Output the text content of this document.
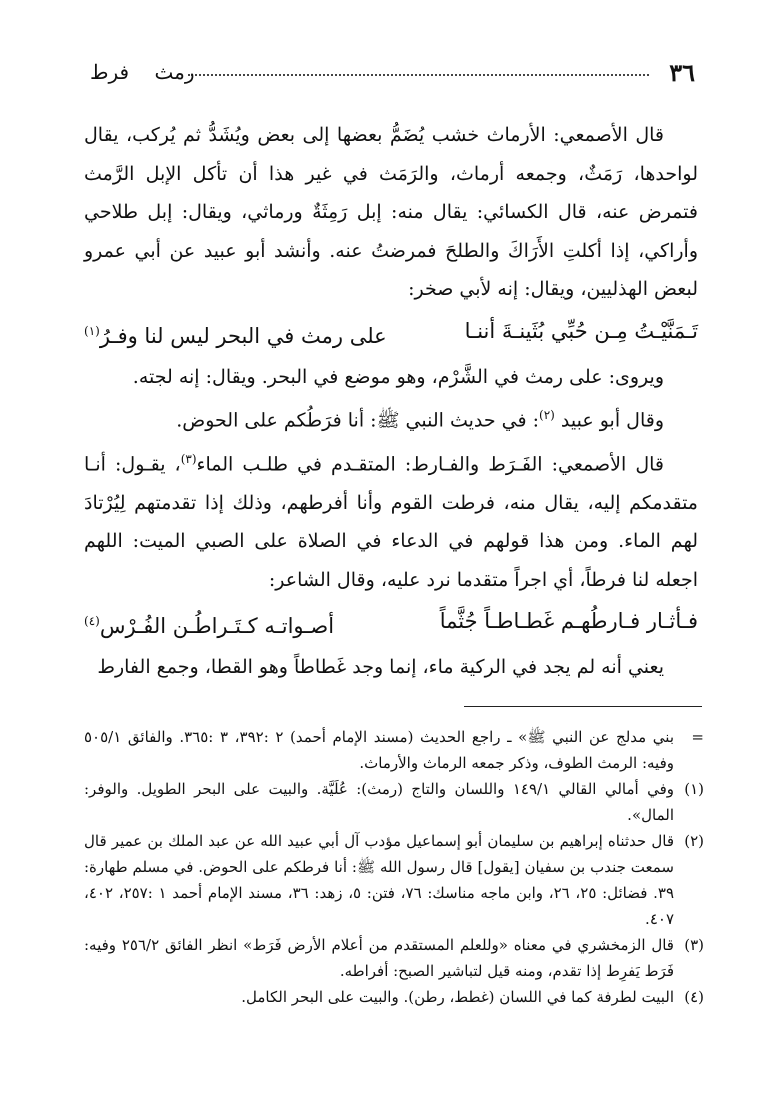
٣٦
رمث    فرط

قال الأصمعي: الأرماث خشب يُضَمُّ بعضها إلى بعض ويُشَدُّ ثم يُركب، يقال لواحدها، رَمَثٌ، وجمعه أرماث، والرَمَث في غير هذا أن تأكل الإبل الرَّمث فتمرض عنه، قال الكسائي: يقال منه: إبل رَمِثَةٌ ورماثي، ويقال: إبل طلاحي وأراكي، إذا أكلتِ الأَرَاكَ والطلحَ فمرضتُ عنه. وأنشد أبو عبيد عن أبي عمرو لبعض الهذليين، ويقال: إنه لأبي صخر:

تَـمَنَّيْـتُ مِـن حُبِّي بُثَينـةَ أننـا
على رمث في البحر ليس لنا وفـرُ$^{(١)}$

ويروى: على رمث في الشَّرْم، وهو موضع في البحر. ويقال: إنه لجته.

وقال أبو عبيد $^{(٢)}$: في حديث النبي ﷺ: أنا فرَطُكم على الحوض.

قال الأصمعي: الفَـرَط والفـارط: المتقـدم في طلـب الماء$^{(٣)}$، يقـول: أنـا متقدمكم إليه، يقال منه، فرطت القوم وأنا أفرطهم، وذلك إذا تقدمتهم لِيُرْتادَ لهم الماء. ومن هذا قولهم في الدعاء في الصلاة على الصبي الميت: اللهم اجعله لنا فرطاً، أي اجراً متقدما نرد عليه، وقال الشاعر:

فـأثـار فـارطُهـم غَطـاطـاً جُثَّماً
أصـواتـه كـتَـراطُـن الفُـرْس$^{(٤)}$

يعني أنه لم يجد في الركية ماء، إنما وجد غَطاطاً وهو القطا، وجمع الفارط

=
بني مدلج عن النبي ﷺ» ـ راجع الحديث (مسند الإمام أحمد) ٢ :٣٩٢، ٣ :٣٦٥. والفائق ٥٠٥/١ وفيه: الرمث الطوف، وذكر جمعه الرماث والأرماث.
(١)
وفي أمالي القالي ١٤٩/١ واللسان والتاج (رمث): عُلَيَّة. والبيت على البحر الطويل. والوفر: المال».
(٢)
قال حدثناه إبراهيم بن سليمان أبو إسماعيل مؤدب آل أبي عبيد الله عن عبد الملك بن عمير قال سمعت جندب بن سفيان [يقول] قال رسول الله ﷺ: أنا فرطكم على الحوض. في مسلم طهارة: ٣٩. فضائل: ٢٥، ٢٦، وابن ماجه مناسك: ٧٦، فتن: ٥، زهد: ٣٦، مسند الإمام أحمد ١ :٢٥٧، ٤٠٢، ٤٠٧.
(٣)
قال الزمخشري في معناه «وللعلم المستقدم من أعلام الأرض فَرَط» انظر الفائق ٢٥٦/٢ وفيه: فَرَط يَفرِط إذا تقدم، ومنه قيل لتباشير الصبح: أفراطه.
(٤)
البيت لطرفة كما في اللسان (غطط، رطن). والبيت على البحر الكامل.
